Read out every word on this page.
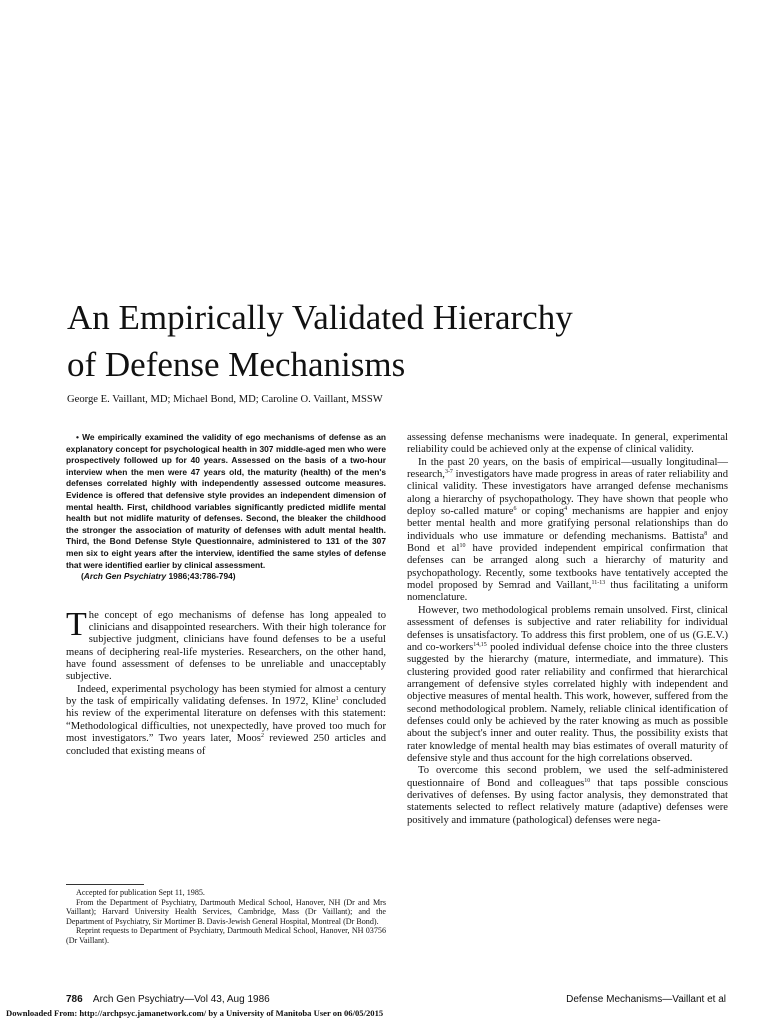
An Empirically Validated Hierarchy
of Defense Mechanisms
George E. Vaillant, MD; Michael Bond, MD; Caroline O. Vaillant, MSSW

• We empirically examined the validity of ego mechanisms of defense as an explanatory concept for psychological health in 307 middle-aged men who were prospectively followed up for 40 years. Assessed on the basis of a two-hour interview when the men were 47 years old, the maturity (health) of the men's defenses correlated highly with independently assessed outcome measures. Evidence is offered that defensive style provides an independent dimension of mental health. First, childhood variables significantly predicted midlife mental health but not midlife maturity of defenses. Second, the bleaker the childhood the stronger the association of maturity of defenses with adult mental health. Third, the Bond Defense Style Questionnaire, administered to 131 of the 307 men six to eight years after the interview, identified the same styles of defense that were identified earlier by clinical assessment.

(Arch Gen Psychiatry 1986;43:786-794)

The concept of ego mechanisms of defense has long appealed to clinicians and disappointed researchers. With their high tolerance for subjective judgment, clinicians have found defenses to be a useful means of deciphering real-life mysteries. Researchers, on the other hand, have found assessment of defenses to be unreliable and unacceptably subjective.

Indeed, experimental psychology has been stymied for almost a century by the task of empirically validating defenses. In 1972, Kline$^1$ concluded his review of the experimental literature on defenses with this statement: “Methodological difficulties, not unexpectedly, have proved too much for most investigators.” Two years later, Moos$^2$ reviewed 250 articles and concluded that existing means of

assessing defense mechanisms were inadequate. In general, experimental reliability could be achieved only at the expense of clinical validity.

In the past 20 years, on the basis of empirical—usually longitudinal—research,$^{3-7}$ investigators have made progress in areas of rater reliability and clinical validity. These investigators have arranged defense mechanisms along a hierarchy of psychopathology. They have shown that people who deploy so-called mature$^6$ or coping$^4$ mechanisms are happier and enjoy better mental health and more gratifying personal relationships than do individuals who use immature or defending mechanisms. Battista$^8$ and Bond et $al^{10}$ have provided independent empirical confirmation that defenses can be arranged along such a hierarchy of maturity and psychopathology. Recently, some textbooks have tentatively accepted the model proposed by Semrad and Vaillant,$^{11-13}$ thus facilitating a uniform nomenclature.

However, two methodological problems remain unsolved. First, clinical assessment of defenses is subjective and rater reliability for individual defenses is unsatisfactory. To address this first problem, one of us (G.E.V.) and co-workers$^{14,15}$ pooled individual defense choice into the three clusters suggested by the hierarchy (mature, intermediate, and immature). This clustering provided good rater reliability and confirmed that hierarchical arrangement of defensive styles correlated highly with independent and objective measures of mental health. This work, however, suffered from the second methodological problem. Namely, reliable clinical identification of defenses could only be achieved by the rater knowing as much as possible about the subject's inner and outer reality. Thus, the possibility exists that rater knowledge of mental health may bias estimates of overall maturity of defensive style and thus account for the high correlations observed.

To overcome this second problem, we used the self-administered questionnaire of Bond and colleagues$^{10}$ that taps possible conscious derivatives of defenses. By using factor analysis, they demonstrated that statements selected to reflect relatively mature (adaptive) defenses were positively and immature (pathological) defenses were nega-

Accepted for publication Sept 11, 1985.

From the Department of Psychiatry, Dartmouth Medical School, Hanover, NH (Dr and Mrs Vaillant); Harvard University Health Services, Cambridge, Mass (Dr Vaillant); and the Department of Psychiatry, Sir Mortimer B. Davis-Jewish General Hospital, Montreal (Dr Bond).

Reprint requests to Department of Psychiatry, Dartmouth Medical School, Hanover, NH 03756 (Dr Vaillant).

786 Arch Gen Psychiatry—Vol 43, Aug 1986	Defense Mechanisms—Vaillant et al
Downloaded From: http://archpsyc.jamanetwork.com/ by a University of Manitoba User on 06/05/2015
